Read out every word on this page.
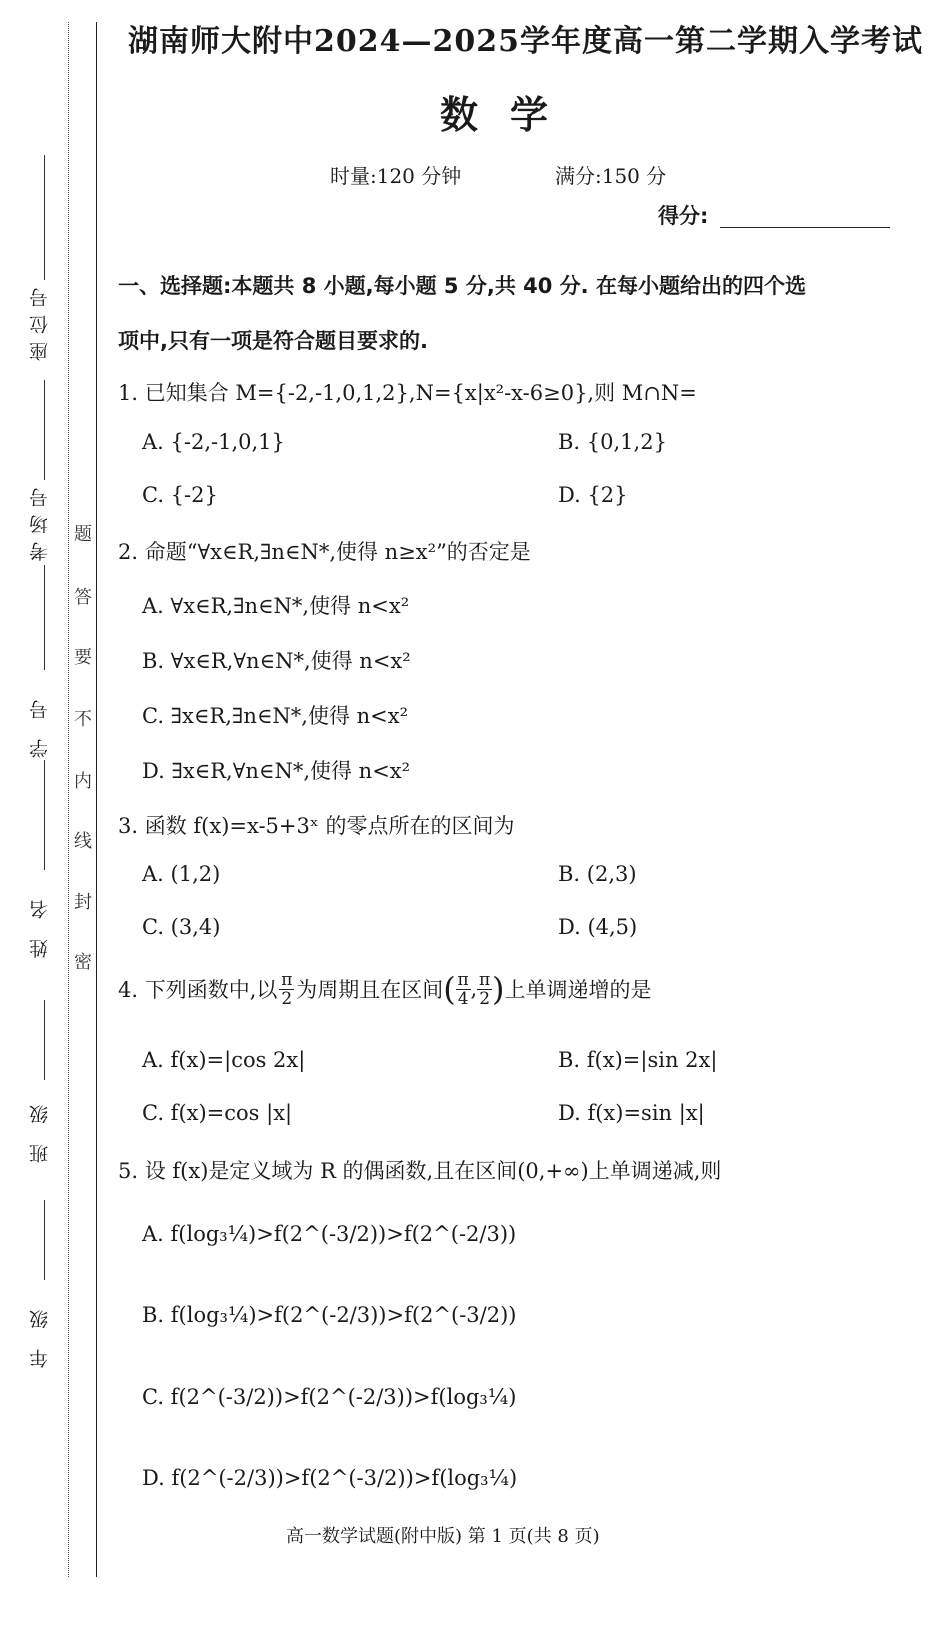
座位号
考场号
学号
姓名
班级
年级
题
答
要
不
内
线
封
密
湖南师大附中2024—2025学年度高一第二学期入学考试
数学
时量:120 分钟	满分:150 分
得分:
一、选择题:本题共 8 小题,每小题 5 分,共 40 分. 在每小题给出的四个选
项中,只有一项是符合题目要求的.
1. 已知集合 M={-2,-1,0,1,2},N={x|x²-x-6≥0},则 M∩N=
A. {-2,-1,0,1}	B. {0,1,2}
C. {-2}	D. {2}
2. 命题“∀x∈R,∃n∈N*,使得 n≥x²”的否定是
A. ∀x∈R,∃n∈N*,使得 n<x²
B. ∀x∈R,∀n∈N*,使得 n<x²
C. ∃x∈R,∃n∈N*,使得 n<x²
D. ∃x∈R,∀n∈N*,使得 n<x²
3. 函数 f(x)=x-5+3ˣ 的零点所在的区间为
A. (1,2)	B. (2,3)
C. (3,4)	D. (4,5)
4. 下列函数中,以 $\frac{\pi}{2}$ 为周期且在区间 ( $\frac{\pi}{4}$ , $\frac{\pi}{2}$ ) 上单调递增的是
A. f(x)=|cos 2x|	B. f(x)=|sin 2x|
C. f(x)=cos |x|	D. f(x)=sin |x|
5. 设 f(x)是定义域为 R 的偶函数,且在区间(0,+∞)上单调递减,则
A. f(log₃¼)>f(2^(-3/2))>f(2^(-2/3))
B. f(log₃¼)>f(2^(-2/3))>f(2^(-3/2))
C. f(2^(-3/2))>f(2^(-2/3))>f(log₃¼)
D. f(2^(-2/3))>f(2^(-3/2))>f(log₃¼)
高一数学试题(附中版) 第 1 页(共 8 页)
